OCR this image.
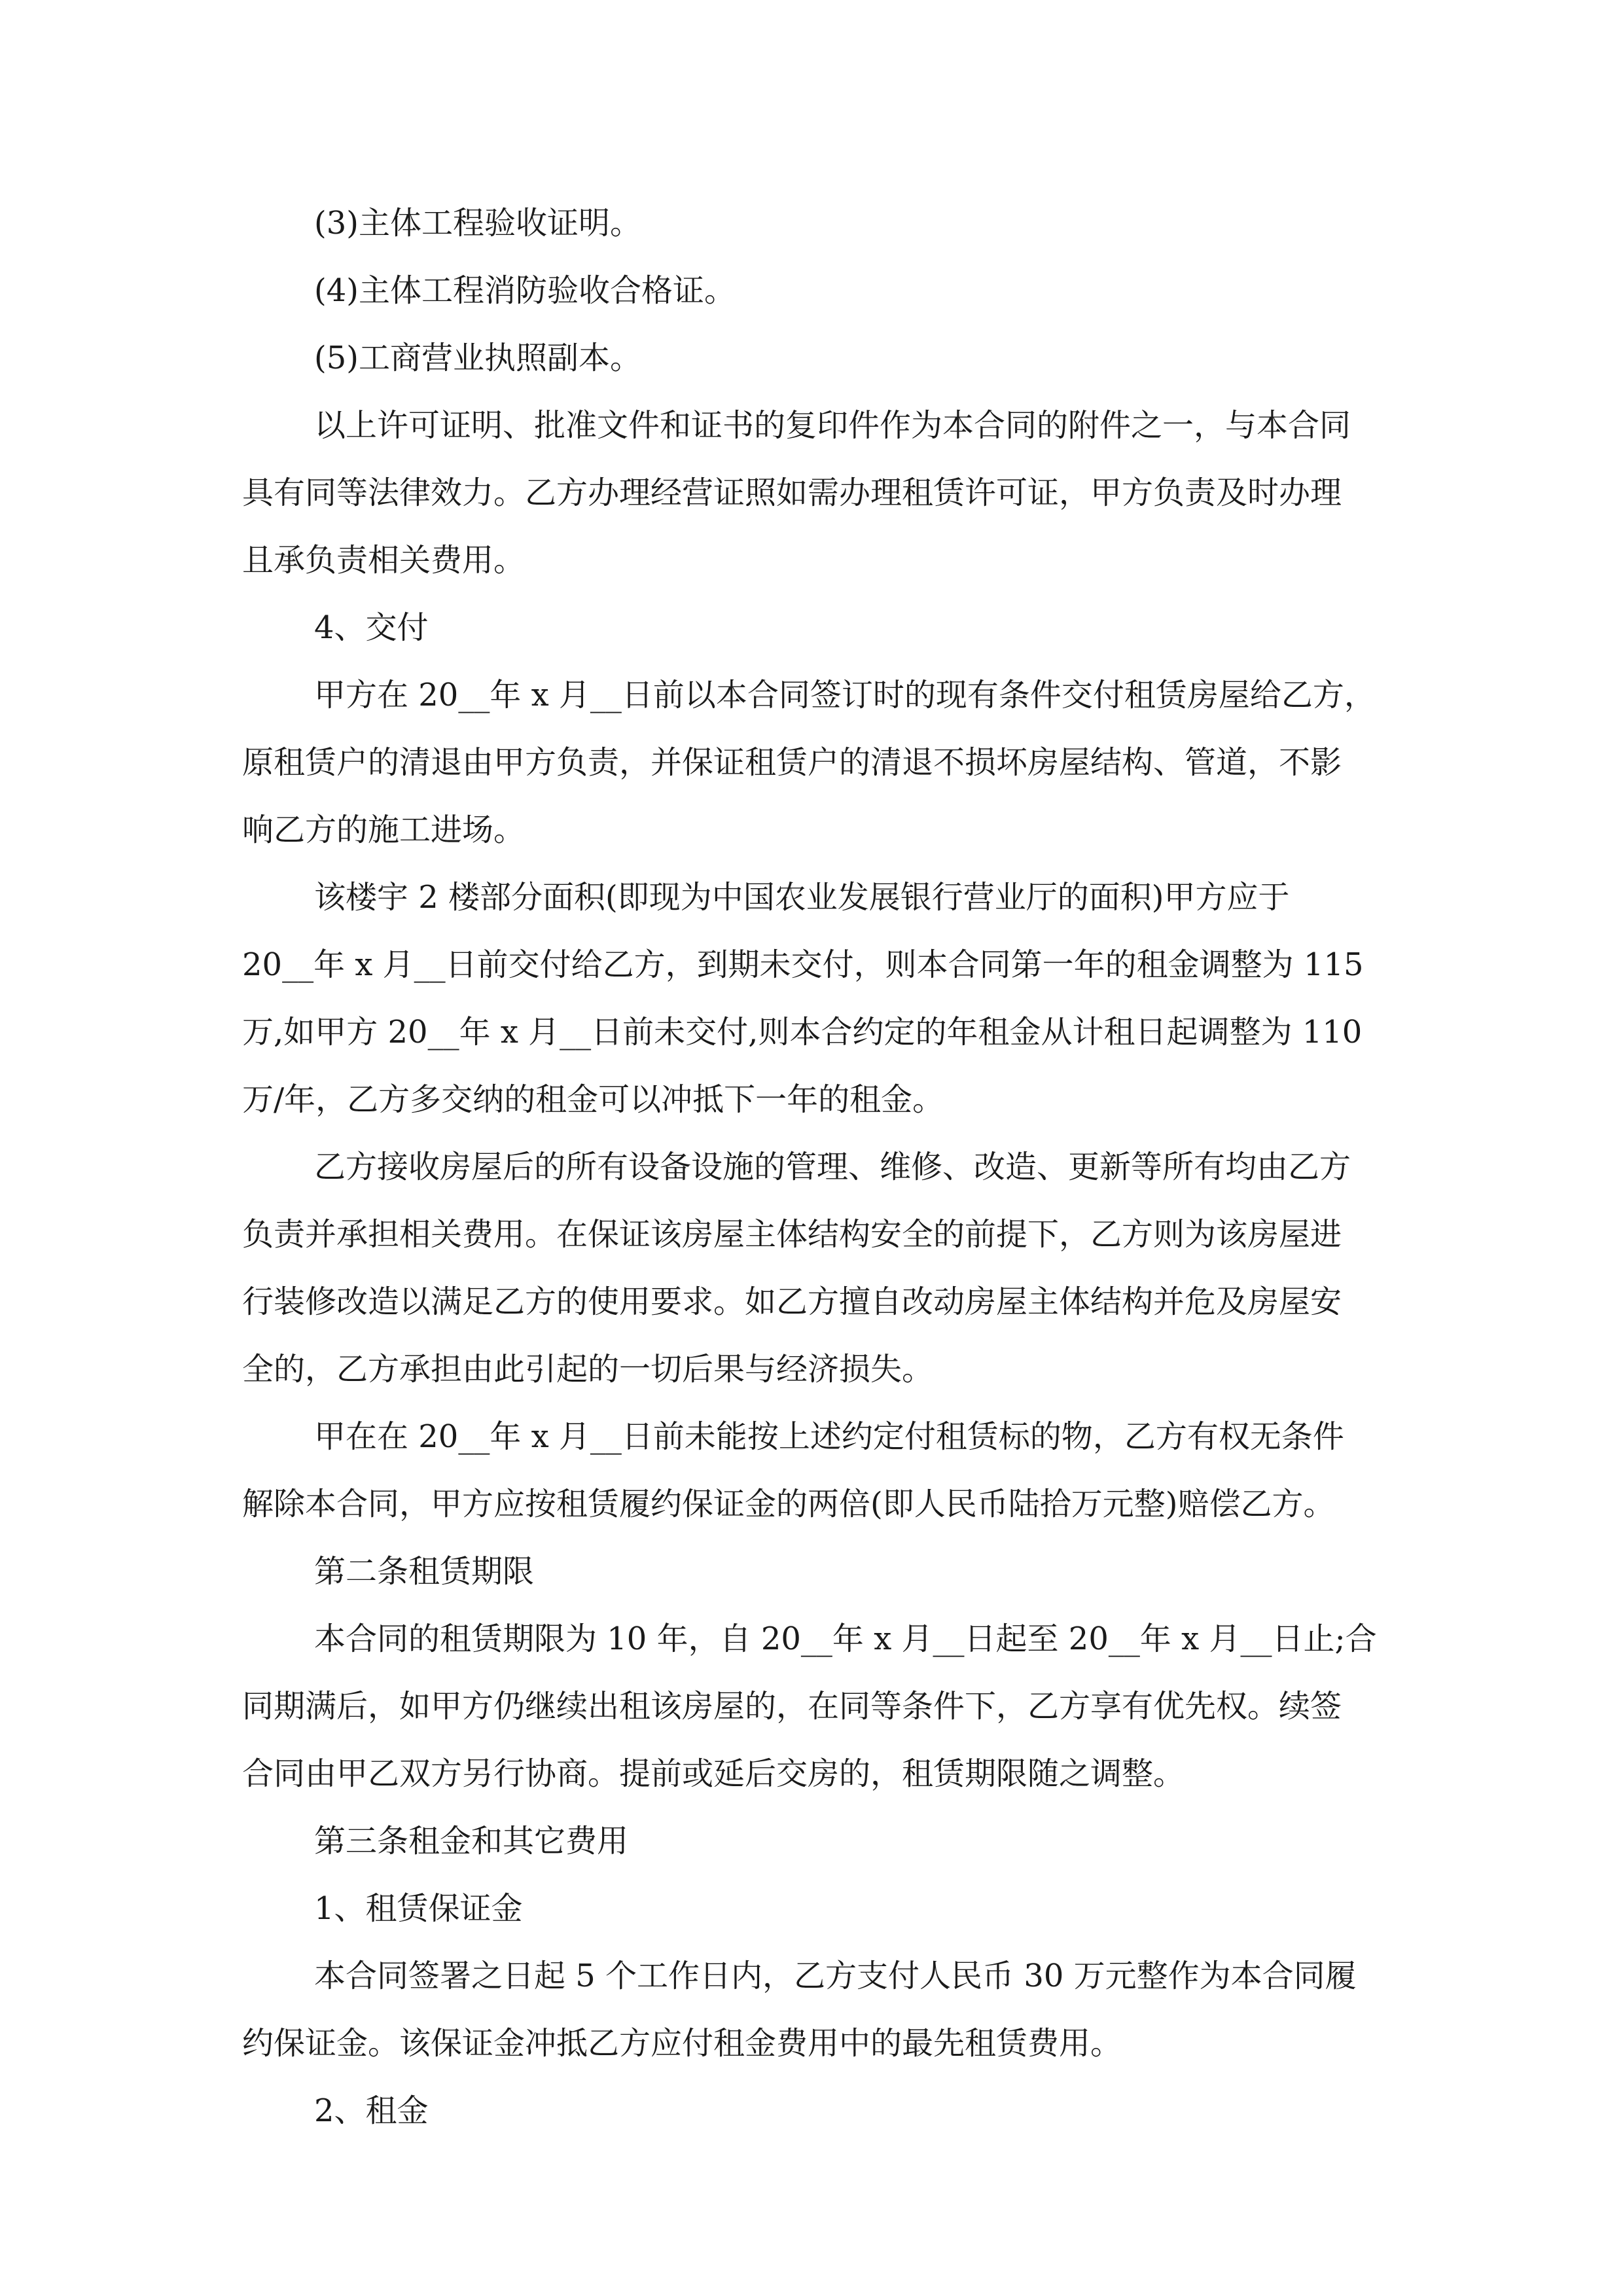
(3)主体工程验收证明。
(4)主体工程消防验收合格证。
(5)工商营业执照副本。
以上许可证明、批准文件和证书的复印件作为本合同的附件之一，与本合同
具有同等法律效力。乙方办理经营证照如需办理租赁许可证，甲方负责及时办理
且承负责相关费用。
4、交付
甲方在 20__年 x 月__日前以本合同签订时的现有条件交付租赁房屋给乙方，
原租赁户的清退由甲方负责，并保证租赁户的清退不损坏房屋结构、管道，不影
响乙方的施工进场。
该楼宇 2 楼部分面积(即现为中国农业发展银行营业厅的面积)甲方应于
20__年 x 月__日前交付给乙方，到期未交付，则本合同第一年的租金调整为 115
万,如甲方 20__年 x 月__日前未交付,则本合约定的年租金从计租日起调整为 110
万/年，乙方多交纳的租金可以冲抵下一年的租金。
乙方接收房屋后的所有设备设施的管理、维修、改造、更新等所有均由乙方
负责并承担相关费用。在保证该房屋主体结构安全的前提下，乙方则为该房屋进
行装修改造以满足乙方的使用要求。如乙方擅自改动房屋主体结构并危及房屋安
全的，乙方承担由此引起的一切后果与经济损失。
甲在在 20__年 x 月__日前未能按上述约定付租赁标的物，乙方有权无条件
解除本合同，甲方应按租赁履约保证金的两倍(即人民币陆拾万元整)赔偿乙方。
第二条租赁期限
本合同的租赁期限为 10 年，自 20__年 x 月__日起至 20__年 x 月__日止;合
同期满后，如甲方仍继续出租该房屋的，在同等条件下，乙方享有优先权。续签
合同由甲乙双方另行协商。提前或延后交房的，租赁期限随之调整。
第三条租金和其它费用
1、租赁保证金
本合同签署之日起 5 个工作日内，乙方支付人民币 30 万元整作为本合同履
约保证金。该保证金冲抵乙方应付租金费用中的最先租赁费用。
2、租金
